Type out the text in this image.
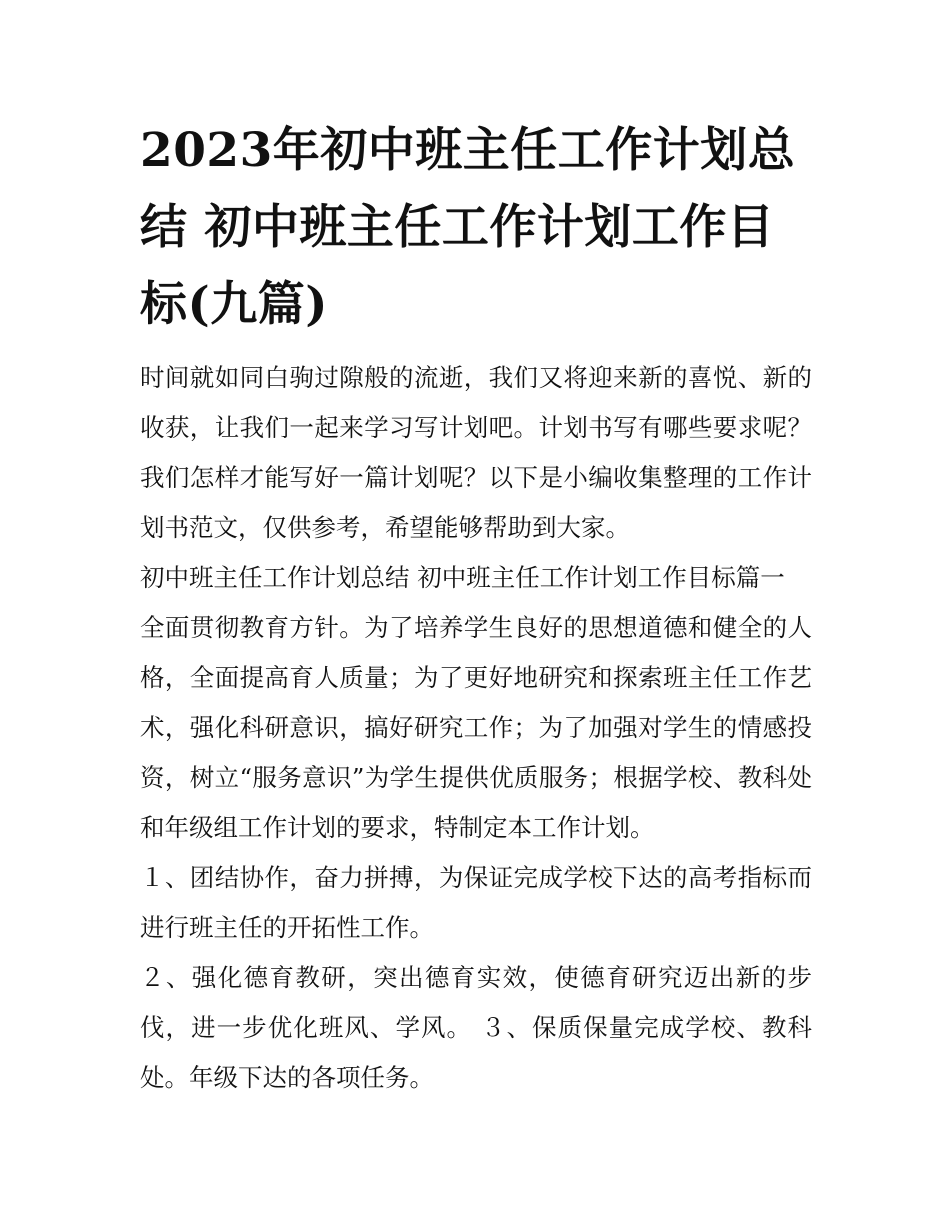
2023年初中班主任工作计划总结 初中班主任工作计划工作目标(九篇)

时间就如同白驹过隙般的流逝，我们又将迎来新的喜悦、新的收获，让我们一起来学习写计划吧。计划书写有哪些要求呢？我们怎样才能写好一篇计划呢？以下是小编收集整理的工作计划书范文，仅供参考，希望能够帮助到大家。

初中班主任工作计划总结 初中班主任工作计划工作目标篇一

全面贯彻教育方针。为了培养学生良好的思想道德和健全的人格，全面提高育人质量；为了更好地研究和探索班主任工作艺术，强化科研意识，搞好研究工作；为了加强对学生的情感投资，树立“服务意识”为学生提供优质服务；根据学校、教科处和年级组工作计划的要求，特制定本工作计划。

１、团结协作，奋力拼搏，为保证完成学校下达的高考指标而进行班主任的开拓性工作。

２、强化德育教研，突出德育实效，使德育研究迈出新的步伐，进一步优化班风、学风。 ３、保质保量完成学校、教科处。年级下达的各项任务。
